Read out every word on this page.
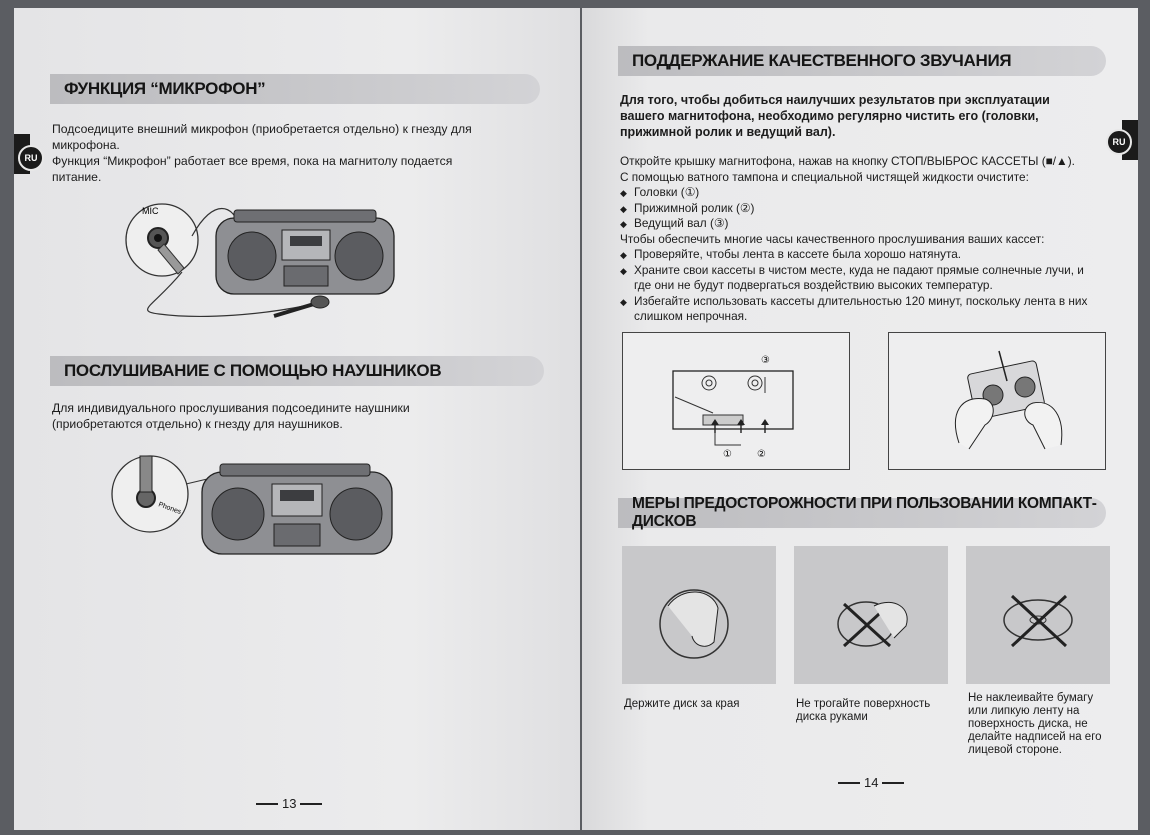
RU
ФУНКЦИЯ “МИКРОФОН”
Подсоедиците внешний микрофон (приобретается отдельно) к гнезду для
микрофона.
Функция “Микрофон” работает все время, пока на магнитолу подается
питание.
MIC
ПОСЛУШИВАНИЕ С ПОМОЩЬЮ НАУШНИКОВ
Для индивидуального прослушивания подсоедините наушники
(приобретаются отдельно) к гнезду для наушников.
Phones
13
RU
ПОДДЕРЖАНИЕ КАЧЕСТВЕННОГО ЗВУЧАНИЯ
Для того, чтобы добиться наилучших результатов при эксплуатации
вашего магнитофона, необходимо регулярно чистить его (головки,
прижимной ролик и ведущий вал).
Откройте крышку магнитофона, нажав на кнопку СТОП/ВЫБРОС КАССЕТЫ (■/▲).
С помощью ватного тампона и специальной чистящей жидкости очистите:
◆ Головки (①)
◆ Прижимной ролик (②)
◆ Ведущий вал (③)
Чтобы обеспечить многие часы качественного прослушивания ваших кассет:
◆ Проверяйте, чтобы лента в кассете была хорошо натянута.
◆ Храните свои кассеты в чистом месте, куда не падают прямые солнечные лучи, и где они не будут подвергаться воздействию высоких температур.
◆ Избегайте использовать кассеты длительностью 120 минут, поскольку лента в них слишком непрочная.
①	②
③
МЕРЫ ПРЕДОСТОРОЖНОСТИ ПРИ ПОЛЬЗОВАНИИ КОМПАКТ-ДИСКОВ
Держите диск за края	Не трогайте поверхность диска руками
Не наклеивайте бумагу или липкую ленту на поверхность диска, не делайте надписей на его лицевой стороне.
14
